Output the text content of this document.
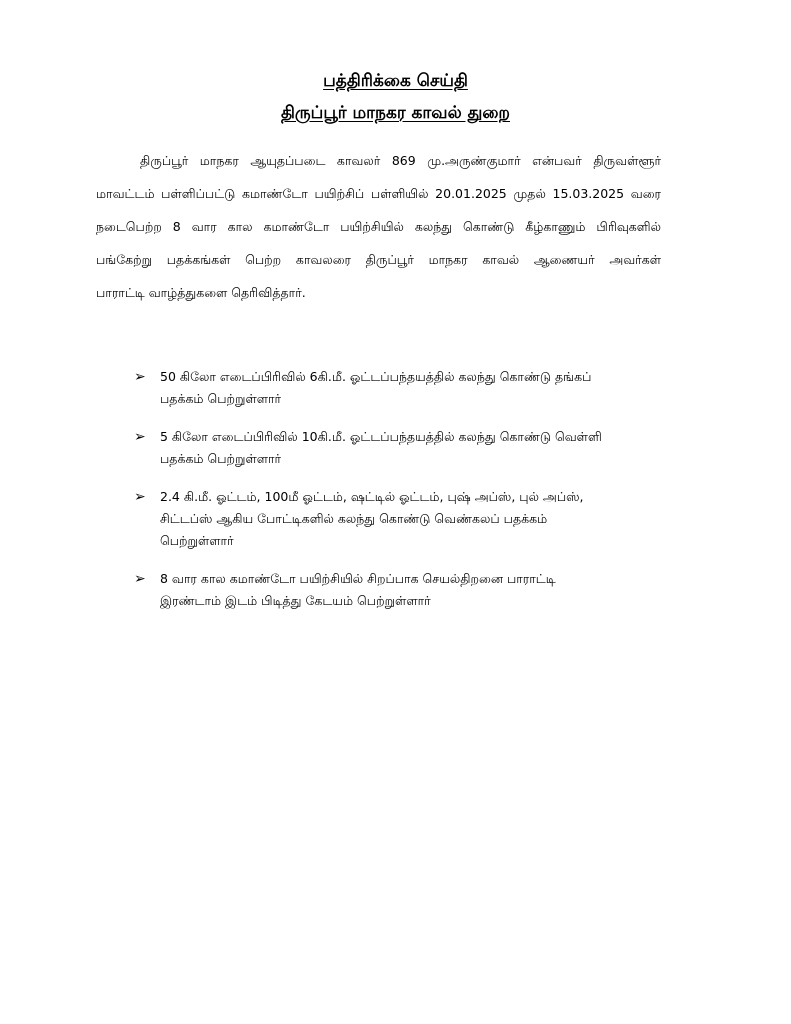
பத்திரிக்கை செய்தி
திருப்பூர் மாநகர காவல் துறை
திருப்பூர் மாநகர ஆயுதப்படை காவலர் 869 மு.அருண்குமார் என்பவர் திருவள்ளூர்
மாவட்டம் பள்ளிப்பட்டு கமாண்டோ பயிற்சிப் பள்ளியில் 20.01.2025 முதல் 15.03.2025 வரை
நடைபெற்ற 8 வார கால கமாண்டோ பயிற்சியில் கலந்து கொண்டு கீழ்காணும் பிரிவுகளில்
பங்கேற்று பதக்கங்கள் பெற்ற காவலரை திருப்பூர் மாநகர காவல் ஆணையர் அவர்கள்
பாராட்டி வாழ்த்துகளை தெரிவித்தார்.
➢	50 கிலோ எடைப்பிரிவில் 6கி.மீ. ஓட்டப்பந்தயத்தில் கலந்து கொண்டு தங்கப்
பதக்கம் பெற்றுள்ளார்
➢	5 கிலோ எடைப்பிரிவில் 10கி.மீ. ஓட்டப்பந்தயத்தில் கலந்து கொண்டு வெள்ளி
பதக்கம் பெற்றுள்ளார்
➢	2.4 கி.மீ. ஓட்டம், 100மீ ஓட்டம், ஷட்டில் ஓட்டம், புஷ் அப்ஸ், புல் அப்ஸ்,
சிட்டப்ஸ் ஆகிய போட்டிகளில் கலந்து கொண்டு வெண்கலப் பதக்கம்
பெற்றுள்ளார்
➢	8 வார கால கமாண்டோ பயிற்சியில் சிறப்பாக செயல்திறனை பாராட்டி
இரண்டாம் இடம் பிடித்து கேடயம் பெற்றுள்ளார்
